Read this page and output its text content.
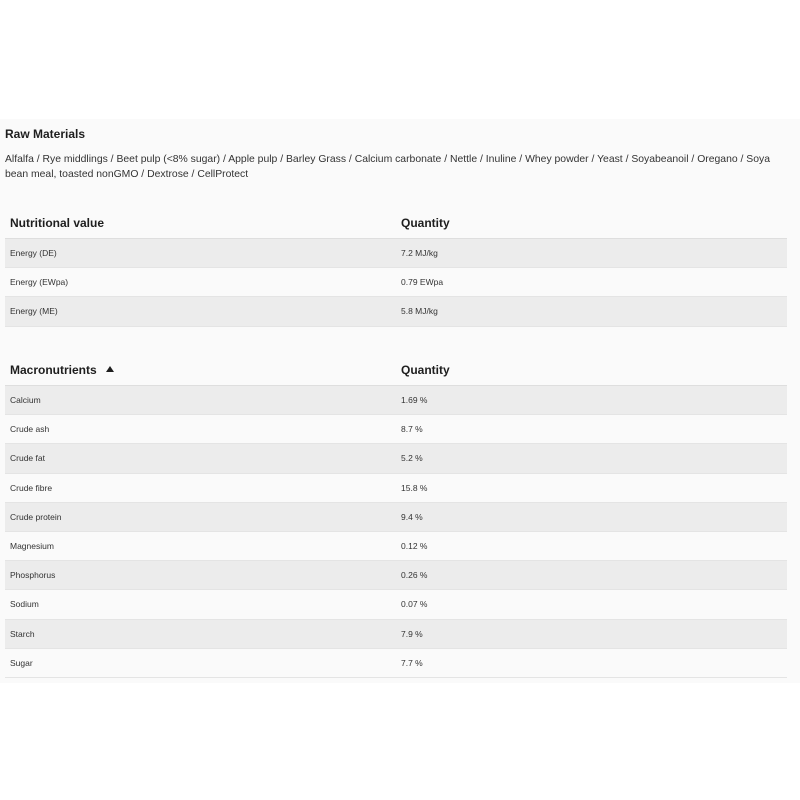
Raw Materials

Alfalfa / Rye middlings / Beet pulp (<8% sugar) / Apple pulp / Barley Grass / Calcium carbonate / Nettle / Inuline / Whey powder / Yeast / Soyabeanoil / Oregano / Soya bean meal, toasted nonGMO / Dextrose / CellProtect

Nutritional value	Quantity
Energy (DE)	7.2 MJ/kg
Energy (EWpa)	0.79 EWpa
Energy (ME)	5.8 MJ/kg
Macronutrients	Quantity
Calcium	1.69 %
Crude ash	8.7 %
Crude fat	5.2 %
Crude fibre	15.8 %
Crude protein	9.4 %
Magnesium	0.12 %
Phosphorus	0.26 %
Sodium	0.07 %
Starch	7.9 %
Sugar	7.7 %
